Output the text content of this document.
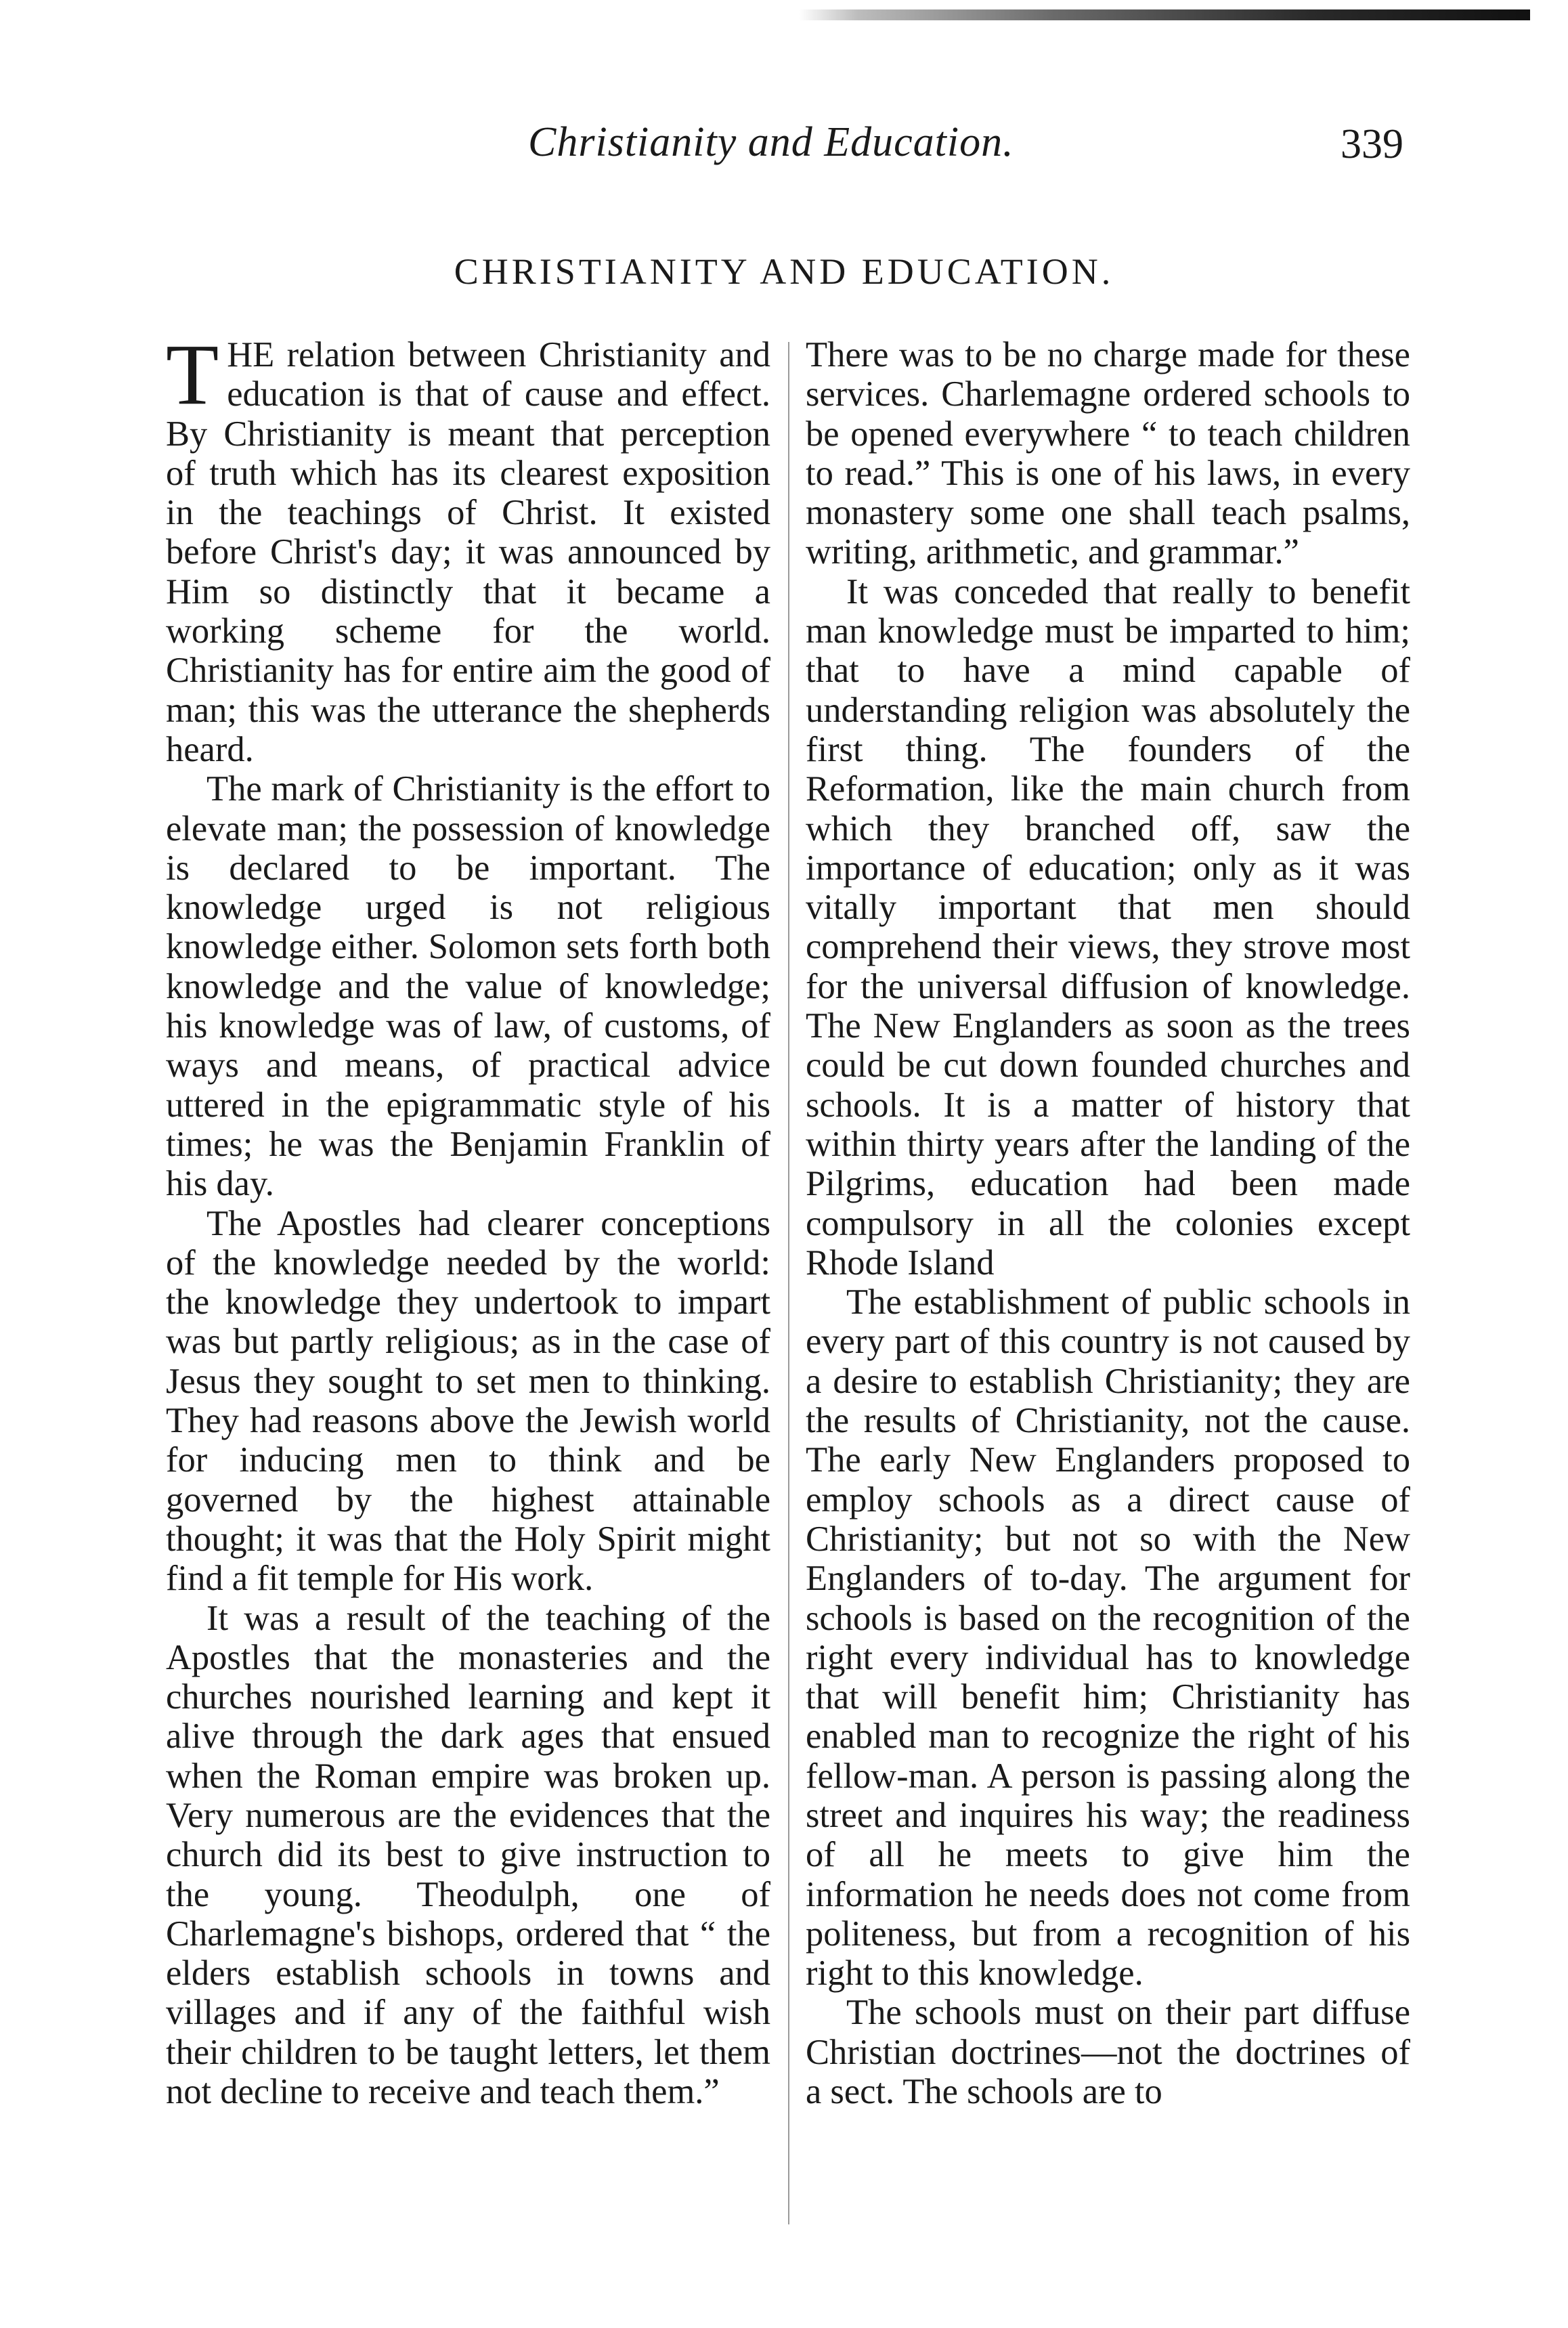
Christianity and Education.	339
CHRISTIANITY AND EDUCATION.

THE relation between Christianity and education is that of cause and effect. By Christianity is meant that perception of truth which has its clearest exposition in the teachings of Christ. It existed before Christ's day; it was announced by Him so distinctly that it became a working scheme for the world. Christianity has for entire aim the good of man; this was the utterance the shepherds heard.

The mark of Christianity is the effort to elevate man; the possession of knowledge is declared to be important. The knowledge urged is not religious knowledge either. Solomon sets forth both knowledge and the value of knowledge; his knowledge was of law, of customs, of ways and means, of practical advice uttered in the epigrammatic style of his times; he was the Benjamin Franklin of his day.

The Apostles had clearer conceptions of the knowledge needed by the world: the knowledge they undertook to impart was but partly religious; as in the case of Jesus they sought to set men to thinking. They had reasons above the Jewish world for inducing men to think and be governed by the highest attainable thought; it was that the Holy Spirit might find a fit temple for His work.

It was a result of the teaching of the Apostles that the monasteries and the churches nourished learning and kept it alive through the dark ages that ensued when the Roman empire was broken up. Very numerous are the evidences that the church did its best to give instruction to the young. Theodulph, one of Charlemagne's bishops, ordered that “ the elders establish schools in towns and villages and if any of the faithful wish their children to be taught letters, let them not decline to receive and teach them.”

There was to be no charge made for these services. Charlemagne ordered schools to be opened everywhere “ to teach children to read.” This is one of his laws, in every monastery some one shall teach psalms, writing, arithmetic, and grammar.”

It was conceded that really to benefit man knowledge must be imparted to him; that to have a mind capable of understanding religion was absolutely the first thing. The founders of the Reformation, like the main church from which they branched off, saw the importance of education; only as it was vitally important that men should comprehend their views, they strove most for the universal diffusion of knowledge. The New Englanders as soon as the trees could be cut down founded churches and schools. It is a matter of history that within thirty years after the landing of the Pilgrims, education had been made compulsory in all the colonies except Rhode Island

The establishment of public schools in every part of this country is not caused by a desire to establish Christianity; they are the results of Christianity, not the cause. The early New Englanders proposed to employ schools as a direct cause of Christianity; but not so with the New Englanders of to-day. The argument for schools is based on the recognition of the right every individual has to knowledge that will benefit him; Christianity has enabled man to recognize the right of his fellow-man. A person is passing along the street and inquires his way; the readiness of all he meets to give him the information he needs does not come from politeness, but from a recognition of his right to this knowledge.

The schools must on their part diffuse Christian doctrines—not the doctrines of a sect. The schools are to
